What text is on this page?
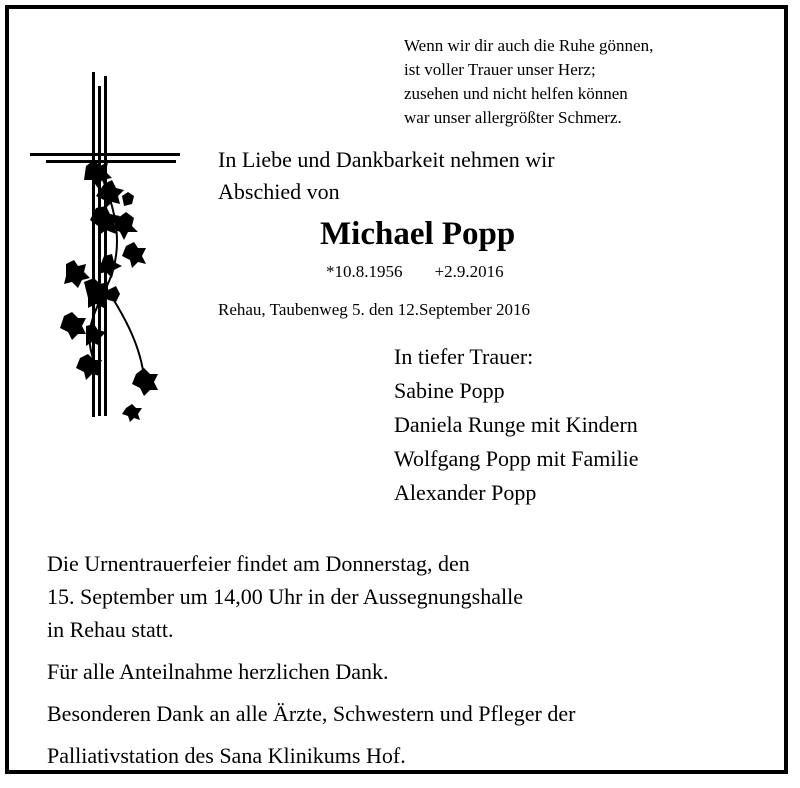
Wenn wir dir auch die Ruhe gönnen,
ist voller Trauer unser Herz;
zusehen und nicht helfen können
war unser allergrößter Schmerz.
In Liebe und Dankbarkeit nehmen wir
Abschied von
Michael Popp
*10.8.1956 +2.9.2016
Rehau, Taubenweg 5. den 12.September 2016
In tiefer Trauer:
Sabine Popp
Daniela Runge mit Kindern
Wolfgang Popp mit Familie
Alexander Popp
Die Urnentrauerfeier findet am Donnerstag, den
15. September um 14,00 Uhr in der Aussegnungshalle
in Rehau statt.
Für alle Anteilnahme herzlichen Dank.
Besonderen Dank an alle Ärzte, Schwestern und Pfleger der
Palliativstation des Sana Klinikums Hof.
